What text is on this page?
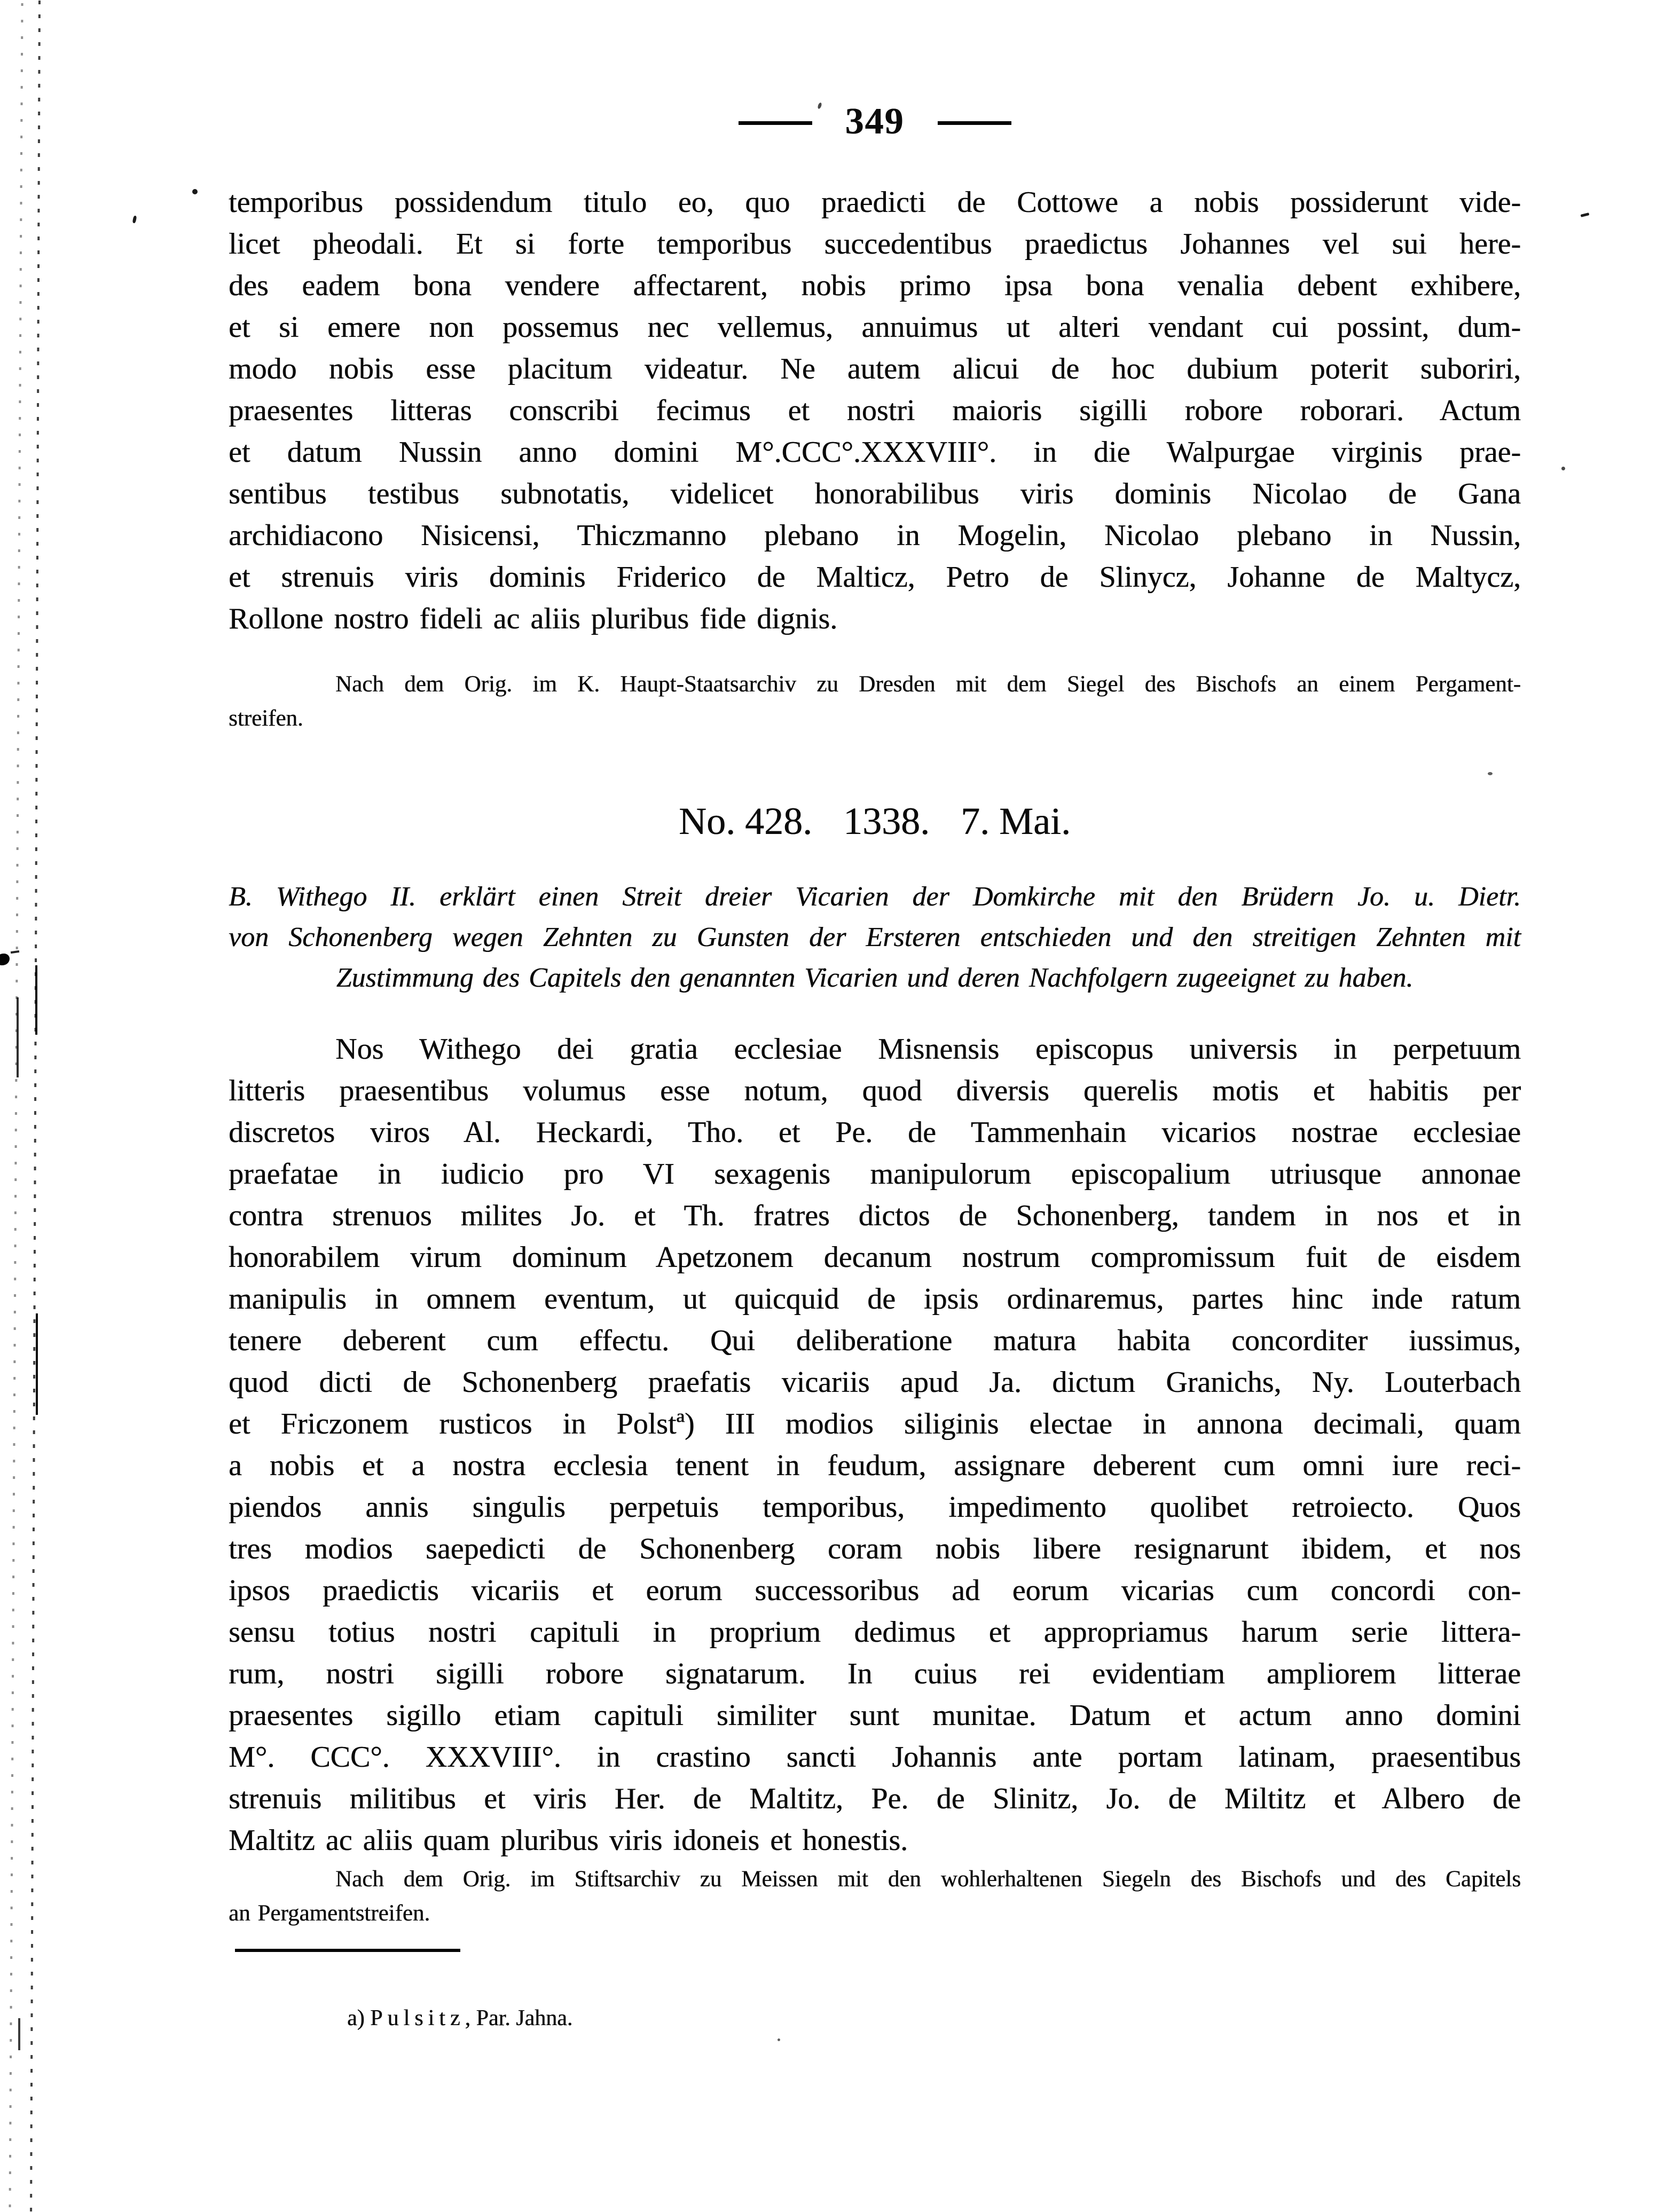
349
temporibus possidendum titulo eo, quo praedicti de Cottowe a nobis possiderunt vide-
licet pheodali. Et si forte temporibus succedentibus praedictus Johannes vel sui here-
des eadem bona vendere affectarent, nobis primo ipsa bona venalia debent exhibere,
et si emere non possemus nec vellemus, annuimus ut alteri vendant cui possint, dum-
modo nobis esse placitum videatur. Ne autem alicui de hoc dubium poterit suboriri,
praesentes litteras conscribi fecimus et nostri maioris sigilli robore roborari. Actum
et datum Nussin anno domini M°.CCC°.XXXVIII°. in die Walpurgae virginis prae-
sentibus testibus subnotatis, videlicet honorabilibus viris dominis Nicolao de Gana
archidiacono Nisicensi, Thiczmanno plebano in Mogelin, Nicolao plebano in Nussin,
et strenuis viris dominis Friderico de Malticz, Petro de Slinycz, Johanne de Maltycz,
Rollone nostro fideli ac aliis pluribus fide dignis.
Nach dem Orig. im K. Haupt-Staatsarchiv zu Dresden mit dem Siegel des Bischofs an einem Pergament-
streifen.
No. 428. 1338. 7. Mai.
B. Withego II. erklärt einen Streit dreier Vicarien der Domkirche mit den Brüdern Jo. u. Dietr.
von Schonenberg wegen Zehnten zu Gunsten der Ersteren entschieden und den streitigen Zehnten mit
Zustimmung des Capitels den genannten Vicarien und deren Nachfolgern zugeeignet zu haben.
Nos Withego dei gratia ecclesiae Misnensis episcopus universis in perpetuum
litteris praesentibus volumus esse notum, quod diversis querelis motis et habitis per
discretos viros Al. Heckardi, Tho. et Pe. de Tammenhain vicarios nostrae ecclesiae
praefatae in iudicio pro VI sexagenis manipulorum episcopalium utriusque annonae
contra strenuos milites Jo. et Th. fratres dictos de Schonenberg, tandem in nos et in
honorabilem virum dominum Apetzonem decanum nostrum compromissum fuit de eisdem
manipulis in omnem eventum, ut quicquid de ipsis ordinaremus, partes hinc inde ratum
tenere deberent cum effectu. Qui deliberatione matura habita concorditer iussimus,
quod dicti de Schonenberg praefatis vicariis apud Ja. dictum Granichs, Ny. Louterbach
et Friczonem rusticos in Polstª) III modios siliginis electae in annona decimali, quam
a nobis et a nostra ecclesia tenent in feudum, assignare deberent cum omni iure reci-
piendos annis singulis perpetuis temporibus, impedimento quolibet retroiecto. Quos
tres modios saepedicti de Schonenberg coram nobis libere resignarunt ibidem, et nos
ipsos praedictis vicariis et eorum successoribus ad eorum vicarias cum concordi con-
sensu totius nostri capituli in proprium dedimus et appropriamus harum serie littera-
rum, nostri sigilli robore signatarum. In cuius rei evidentiam ampliorem litterae
praesentes sigillo etiam capituli similiter sunt munitae. Datum et actum anno domini
M°. CCC°. XXXVIII°. in crastino sancti Johannis ante portam latinam, praesentibus
strenuis militibus et viris Her. de Maltitz, Pe. de Slinitz, Jo. de Miltitz et Albero de
Maltitz ac aliis quam pluribus viris idoneis et honestis.
Nach dem Orig. im Stiftsarchiv zu Meissen mit den wohlerhaltenen Siegeln des Bischofs und des Capitels
an Pergamentstreifen.
a) Pulsitz, Par. Jahna.
